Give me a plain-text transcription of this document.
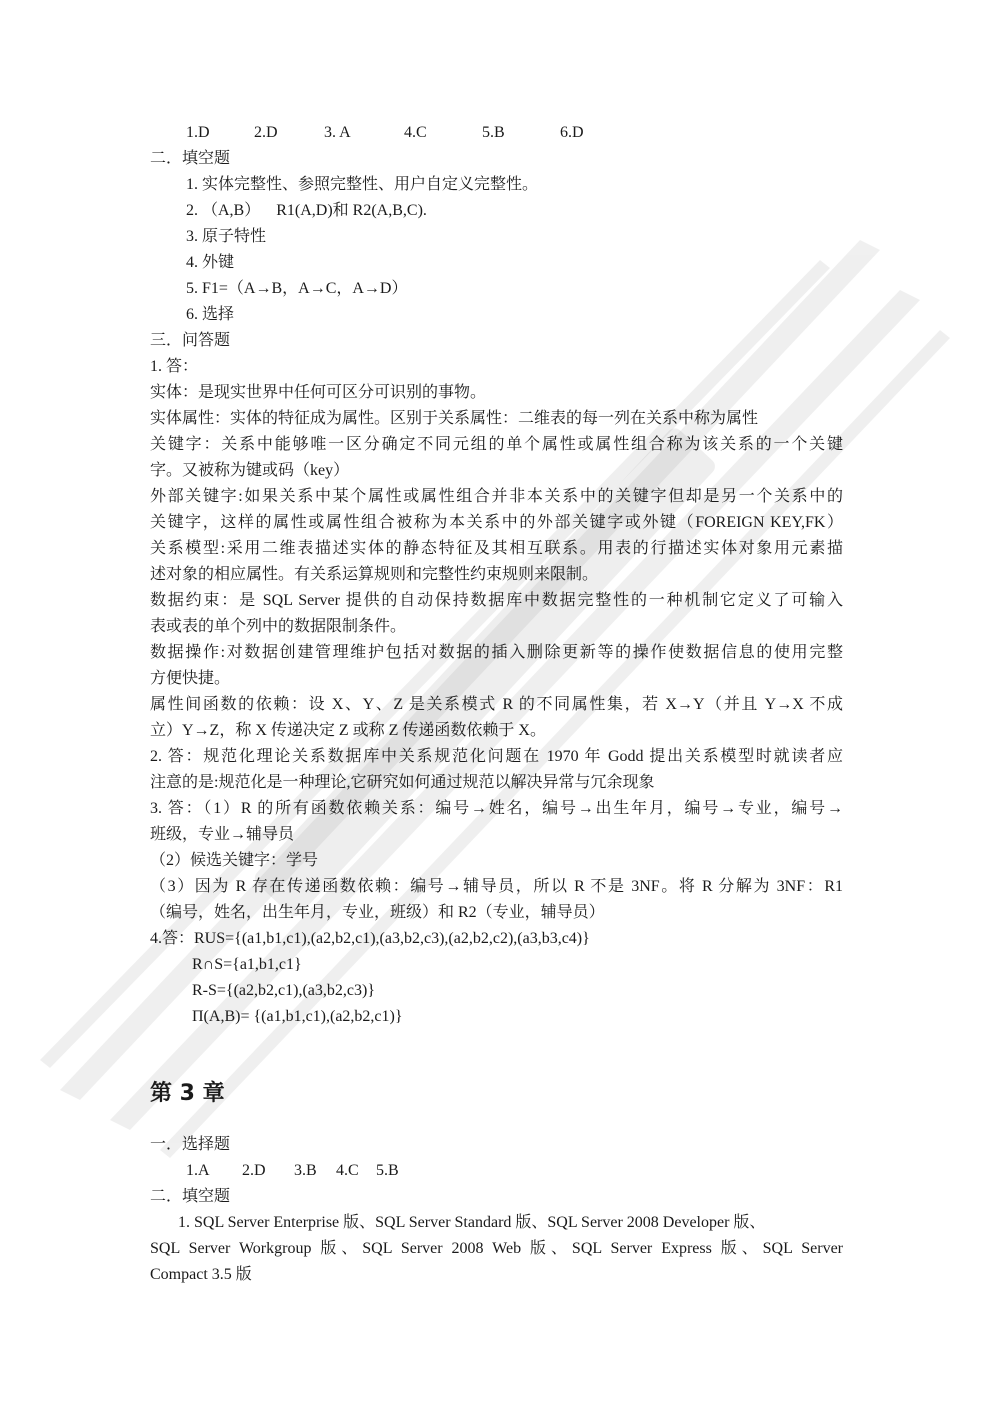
1.D	2.D	3. A	4.C	5.B	6.D
二．填空题
1. 实体完整性、参照完整性、用户自定义完整性。
2. （A,B）    R1(A,D)和 R2(A,B,C).
3. 原子特性
4. 外键
5. F1=（A→B，A→C，A→D）
6. 选择
三．问答题
1. 答：
实体：是现实世界中任何可区分可识别的事物。
实体属性：实体的特征成为属性。区别于关系属性：二维表的每一列在关系中称为属性
关键字：关系中能够唯一区分确定不同元组的单个属性或属性组合称为该关系的一个关键
字。又被称为键或码（key）
外部关键字:如果关系中某个属性或属性组合并非本关系中的关键字但却是另一个关系中的
关键字，这样的属性或属性组合被称为本关系中的外部关键字或外键（FOREIGN KEY,FK）
关系模型:采用二维表描述实体的静态特征及其相互联系。用表的行描述实体对象用元素描
述对象的相应属性。有关系运算规则和完整性约束规则来限制。
数据约束：是 SQL Server 提供的自动保持数据库中数据完整性的一种机制它定义了可输入
表或表的单个列中的数据限制条件。
数据操作:对数据创建管理维护包括对数据的插入删除更新等的操作使数据信息的使用完整
方便快捷。
属性间函数的依赖：设 X、Y、Z 是关系模式 R 的不同属性集，若 X→Y（并且 Y→X 不成
立）Y→Z，称 X 传递决定 Z 或称 Z 传递函数依赖于 X。
2. 答：规范化理论关系数据库中关系规范化问题在 1970 年 Godd 提出关系模型时就读者应
注意的是:规范化是一种理论,它研究如何通过规范以解决异常与冗余现象
3. 答：（1）R 的所有函数依赖关系：编号→姓名，编号→出生年月，编号→专业，编号→
班级，专业→辅导员
（2）候选关键字：学号
（3）因为 R 存在传递函数依赖：编号→辅导员，所以 R 不是 3NF。将 R 分解为 3NF：R1
（编号，姓名，出生年月，专业，班级）和 R2（专业，辅导员）
4.答：RUS={(a1,b1,c1),(a2,b2,c1),(a3,b2,c3),(a2,b2,c2),(a3,b3,c4)}
R∩S={a1,b1,c1}
R-S={(a2,b2,c1),(a3,b2,c3)}
Π(A,B)= {(a1,b1,c1),(a2,b2,c1)}
第 3 章
一．选择题
1.A 2.D 3.B 4.C 5.B
二．填空题
1. SQL Server Enterprise 版、SQL Server Standard 版、SQL Server 2008 Developer 版、
SQL Server Workgroup 版、SQL Server 2008 Web 版、SQL Server Express 版、SQL Server
Compact 3.5 版
